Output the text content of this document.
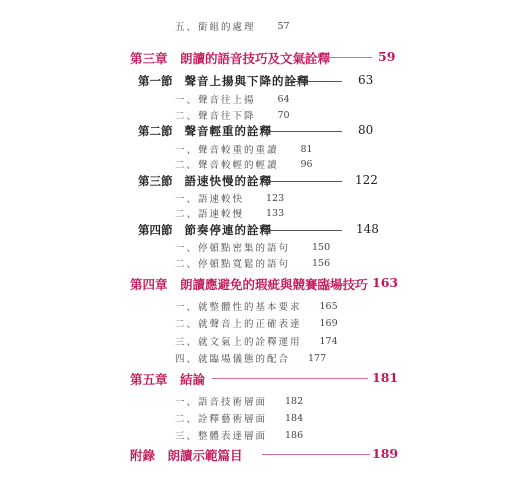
五、銜組的處理 57
第三章　朗讀的語音技巧及文氣詮釋	59
第一節 聲音上揚與下降的詮釋	63
一、聲音往上揚 64
二、聲音往下降 70
第二節 聲音輕重的詮釋	80
一、聲音較重的重讀 81
二、聲音較輕的輕讀 96
第三節 語速快慢的詮釋	122
一、語速較快 123
二、語速較慢 133
第四節 節奏停連的詮釋	148
一、停頓點密集的語句 150
二、停頓點寬鬆的語句 156
第四章　朗讀應避免的瑕疵與競賽臨場技巧 163
一、就整體性的基本要求 165
二、就聲音上的正確表達 169
三、就文氣上的詮釋運用 174
四、就臨場儀態的配合 177
第五章　結論	181
一、語音技術層面 182
二、詮釋藝術層面 184
三、整體表達層面 186
附錄　朗讀示範篇目	189
